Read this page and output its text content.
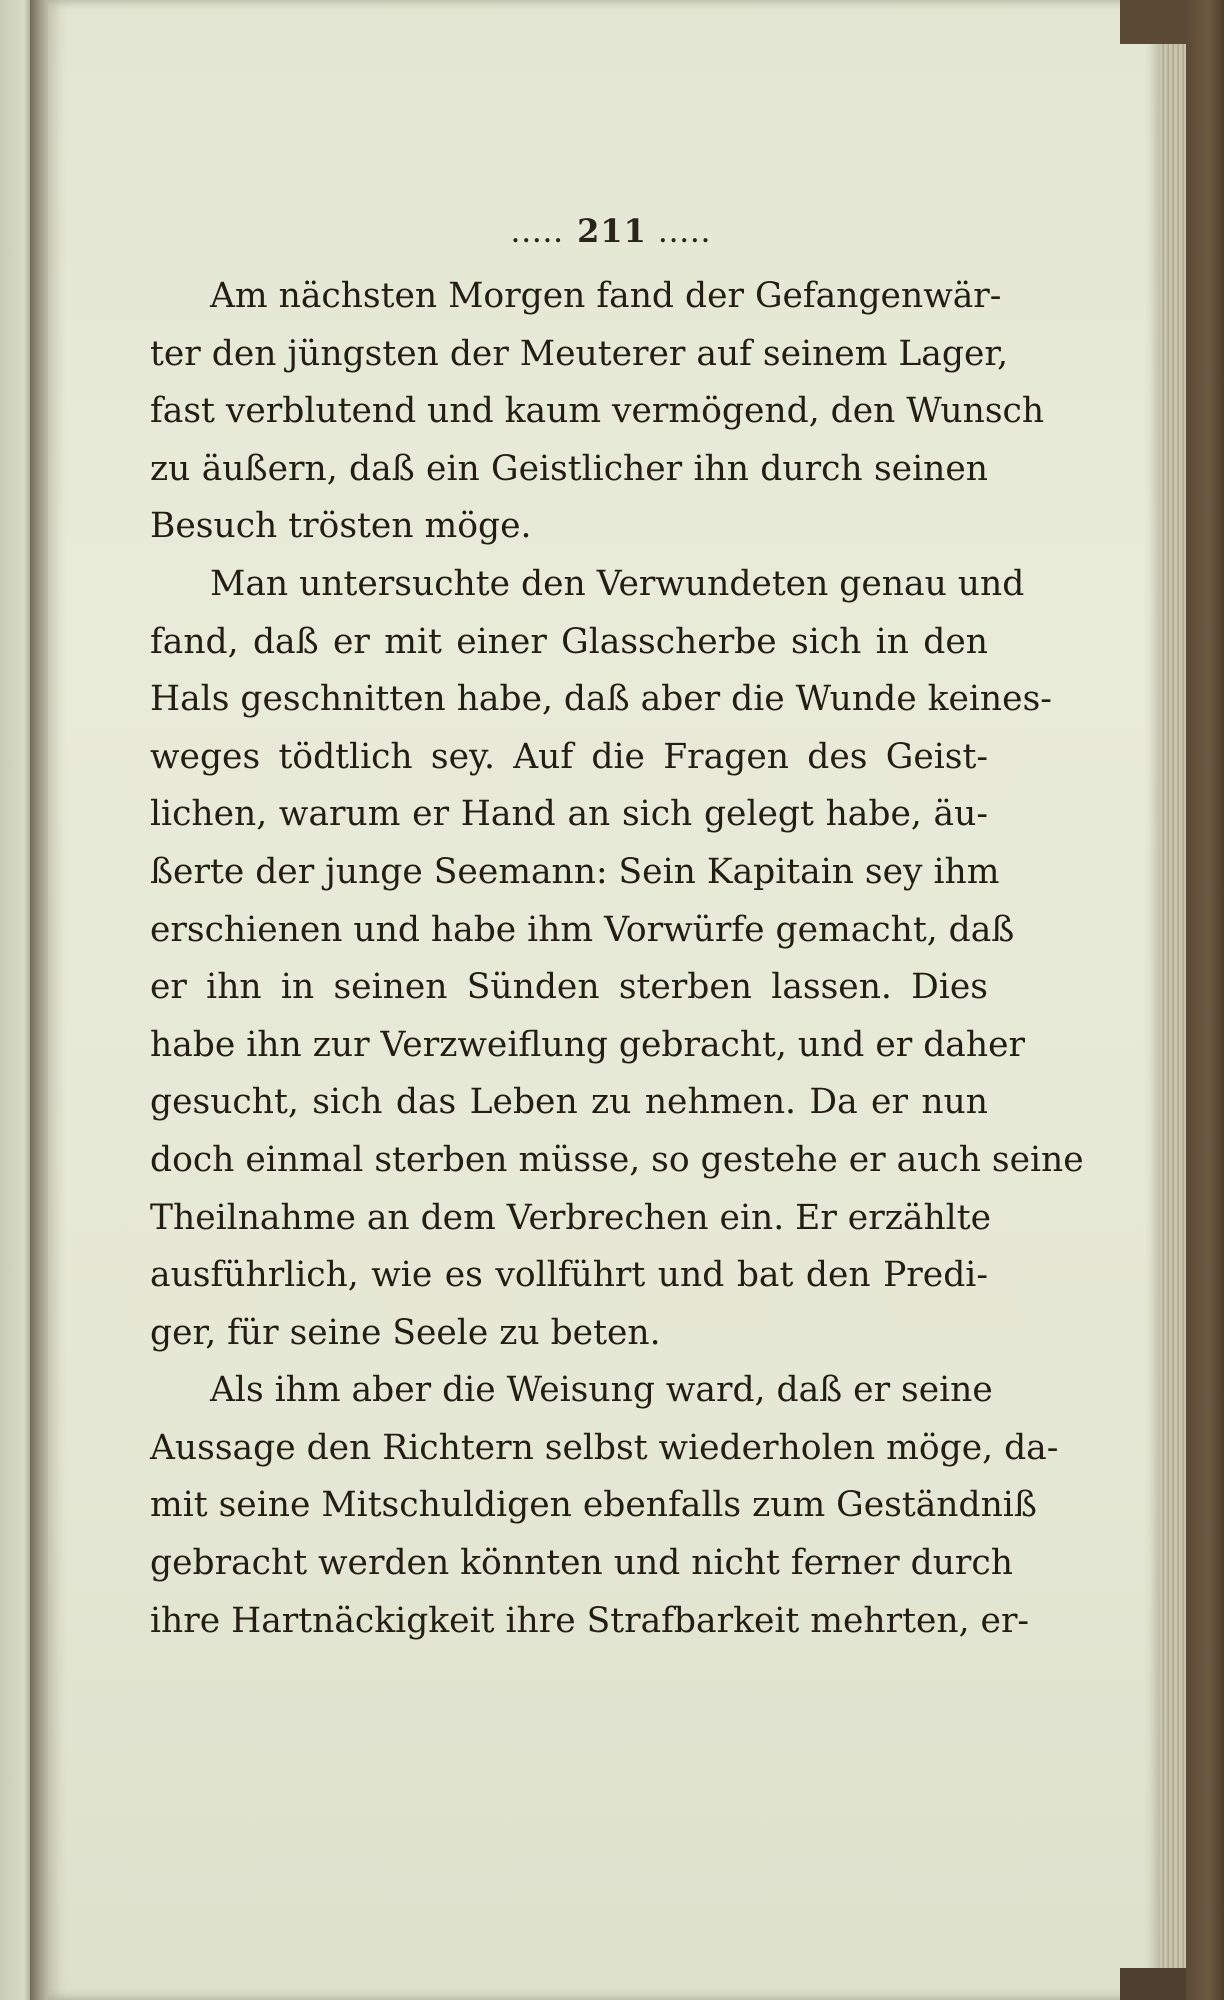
..... 211 .....
Am nächsten Morgen fand der Gefangenwär-
ter den jüngsten der Meuterer auf seinem Lager,
fast verblutend und kaum vermögend, den Wunsch
zu äußern, daß ein Geistlicher ihn durch seinen
Besuch trösten möge.
Man untersuchte den Verwundeten genau und
fand, daß er mit einer Glasscherbe sich in den
Hals geschnitten habe, daß aber die Wunde keines-
weges tödtlich sey. Auf die Fragen des Geist-
lichen, warum er Hand an sich gelegt habe, äu-
ßerte der junge Seemann: Sein Kapitain sey ihm
erschienen und habe ihm Vorwürfe gemacht, daß
er ihn in seinen Sünden sterben lassen. Dies
habe ihn zur Verzweiflung gebracht, und er daher
gesucht, sich das Leben zu nehmen. Da er nun
doch einmal sterben müsse, so gestehe er auch seine
Theilnahme an dem Verbrechen ein. Er erzählte
ausführlich, wie es vollführt und bat den Predi-
ger, für seine Seele zu beten.
Als ihm aber die Weisung ward, daß er seine
Aussage den Richtern selbst wiederholen möge, da-
mit seine Mitschuldigen ebenfalls zum Geständniß
gebracht werden könnten und nicht ferner durch
ihre Hartnäckigkeit ihre Strafbarkeit mehrten, er-
